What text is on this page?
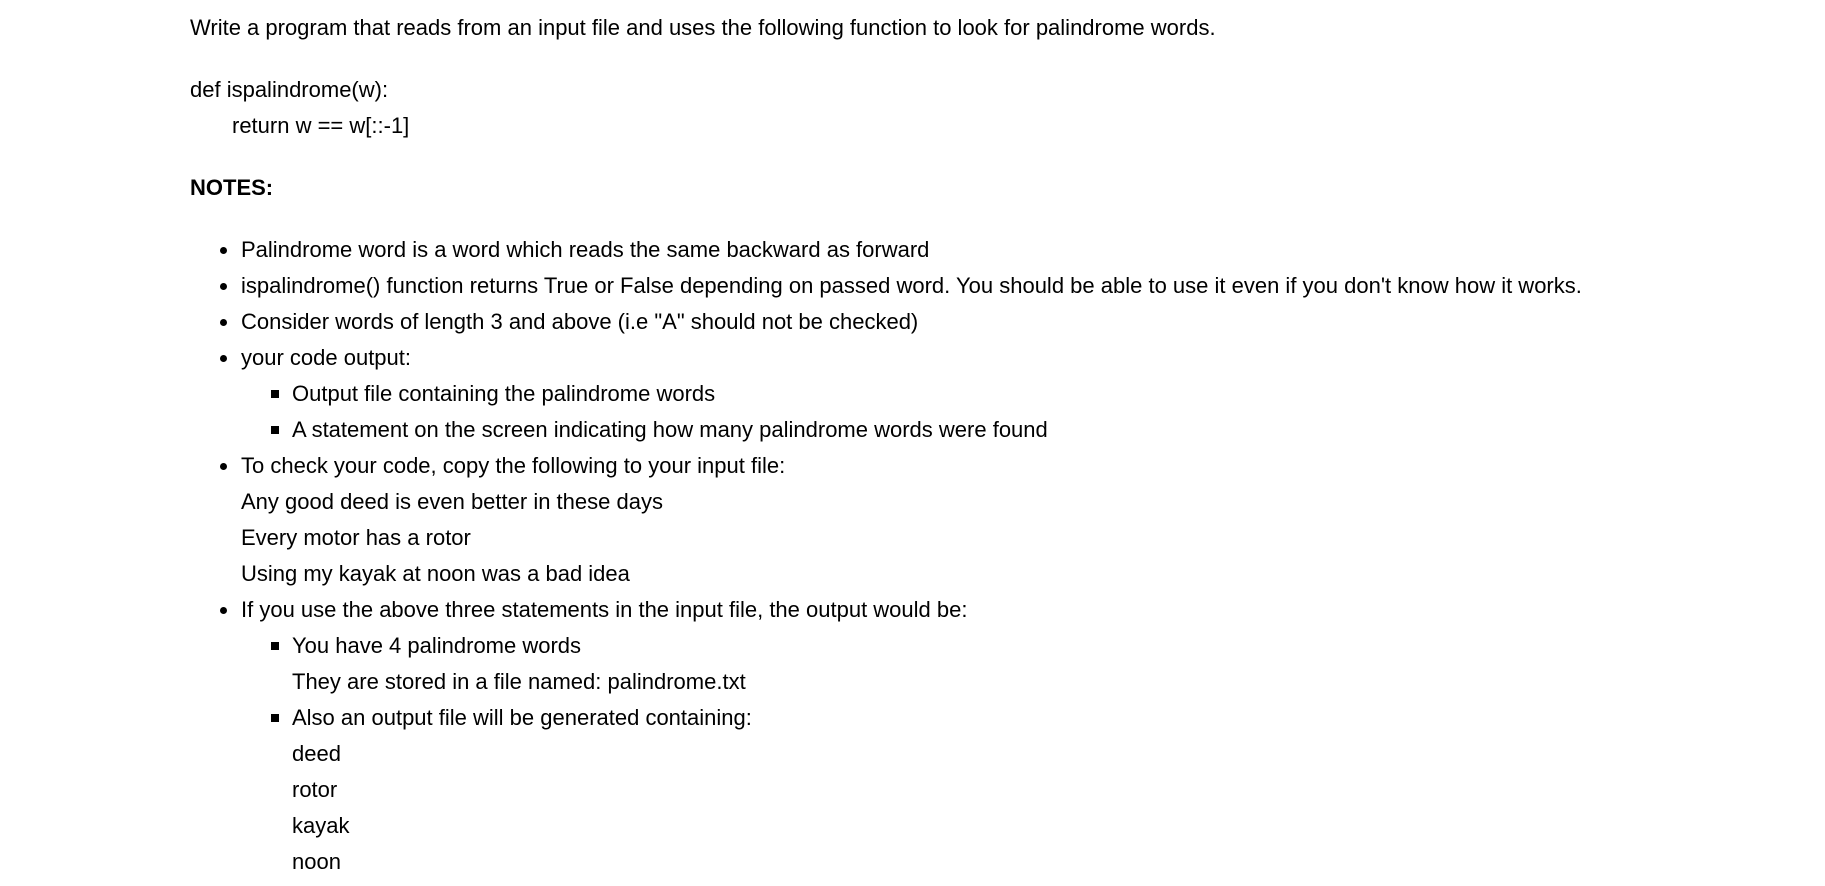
Write a program that reads from an input file and uses the following function to look for palindrome words.
def ispalindrome(w):
return w == w[::-1]
NOTES:
Palindrome word is a word which reads the same backward as forward
ispalindrome() function returns True or False depending on passed word. You should be able to use it even if you don't know how it works.
Consider words of length 3 and above (i.e "A" should not be checked)
your code output:
Output file containing the palindrome words
A statement on the screen indicating how many palindrome words were found
To check your code, copy the following to your input file:
Any good deed is even better in these days
Every motor has a rotor
Using my kayak at noon was a bad idea
If you use the above three statements in the input file, the output would be:
You have 4 palindrome words
They are stored in a file named: palindrome.txt
Also an output file will be generated containing:
deed
rotor
kayak
noon
